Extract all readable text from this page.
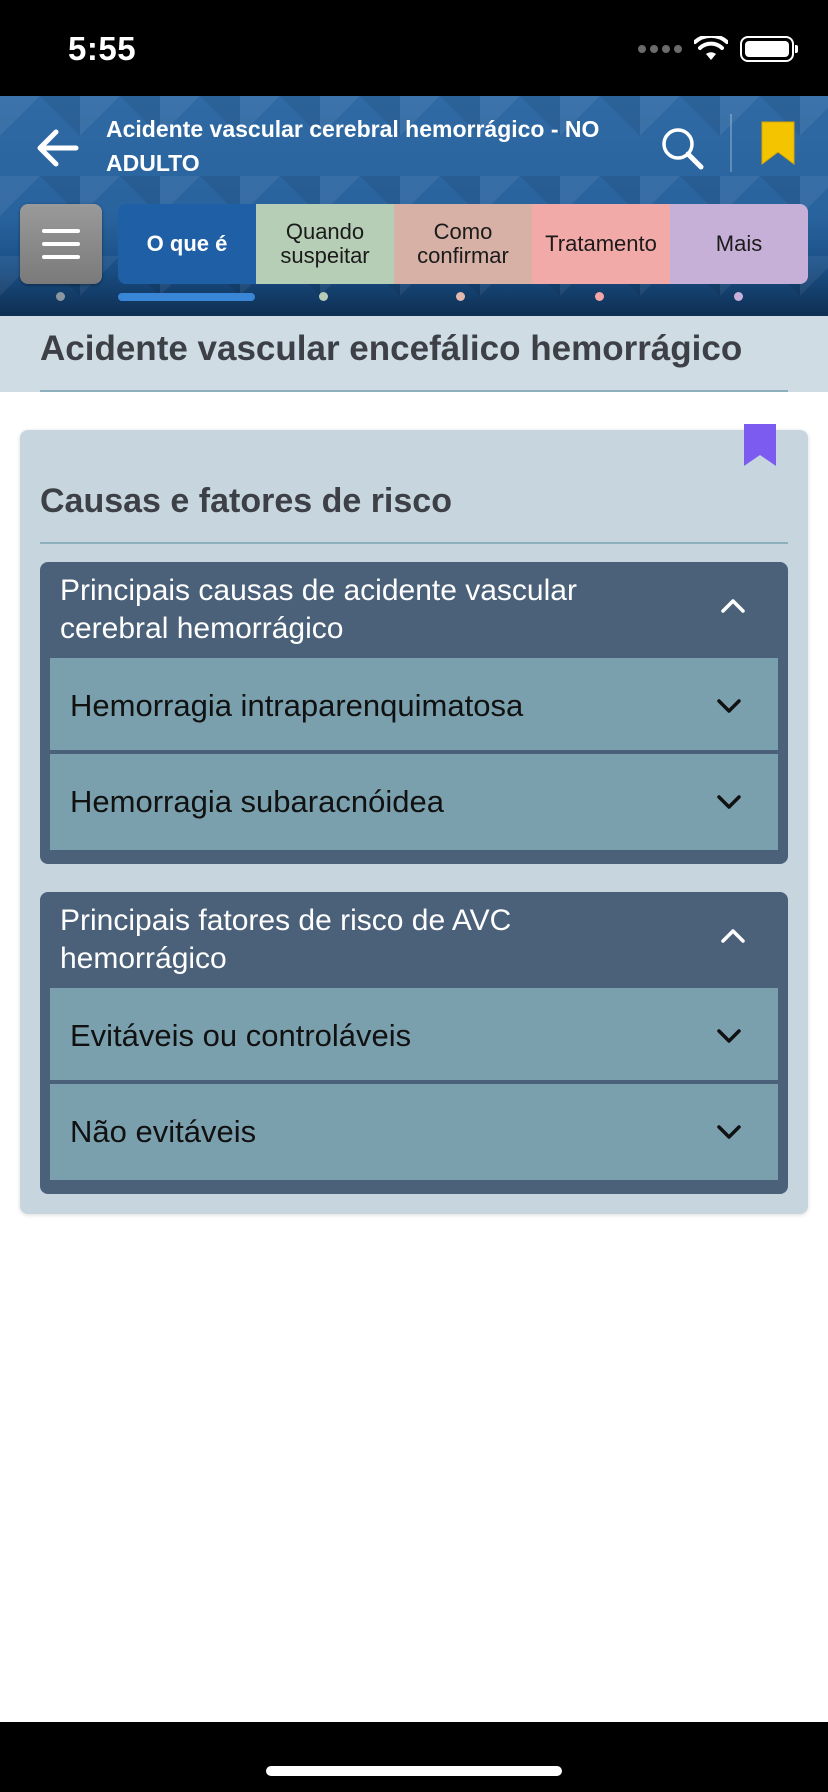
5:55
Acidente vascular cerebral hemorrágico - NO ADULTO
O que é	Quando suspeitar
Como confirmar	Tratamento	Mais
Acidente vascular encefálico hemorrágico
Causas e fatores de risco
Principais causas de acidente vascular cerebral hemorrágico
Hemorragia intraparenquimatosa
Hemorragia subaracnóidea
Principais fatores de risco de AVC hemorrágico
Evitáveis ou controláveis
Não evitáveis
